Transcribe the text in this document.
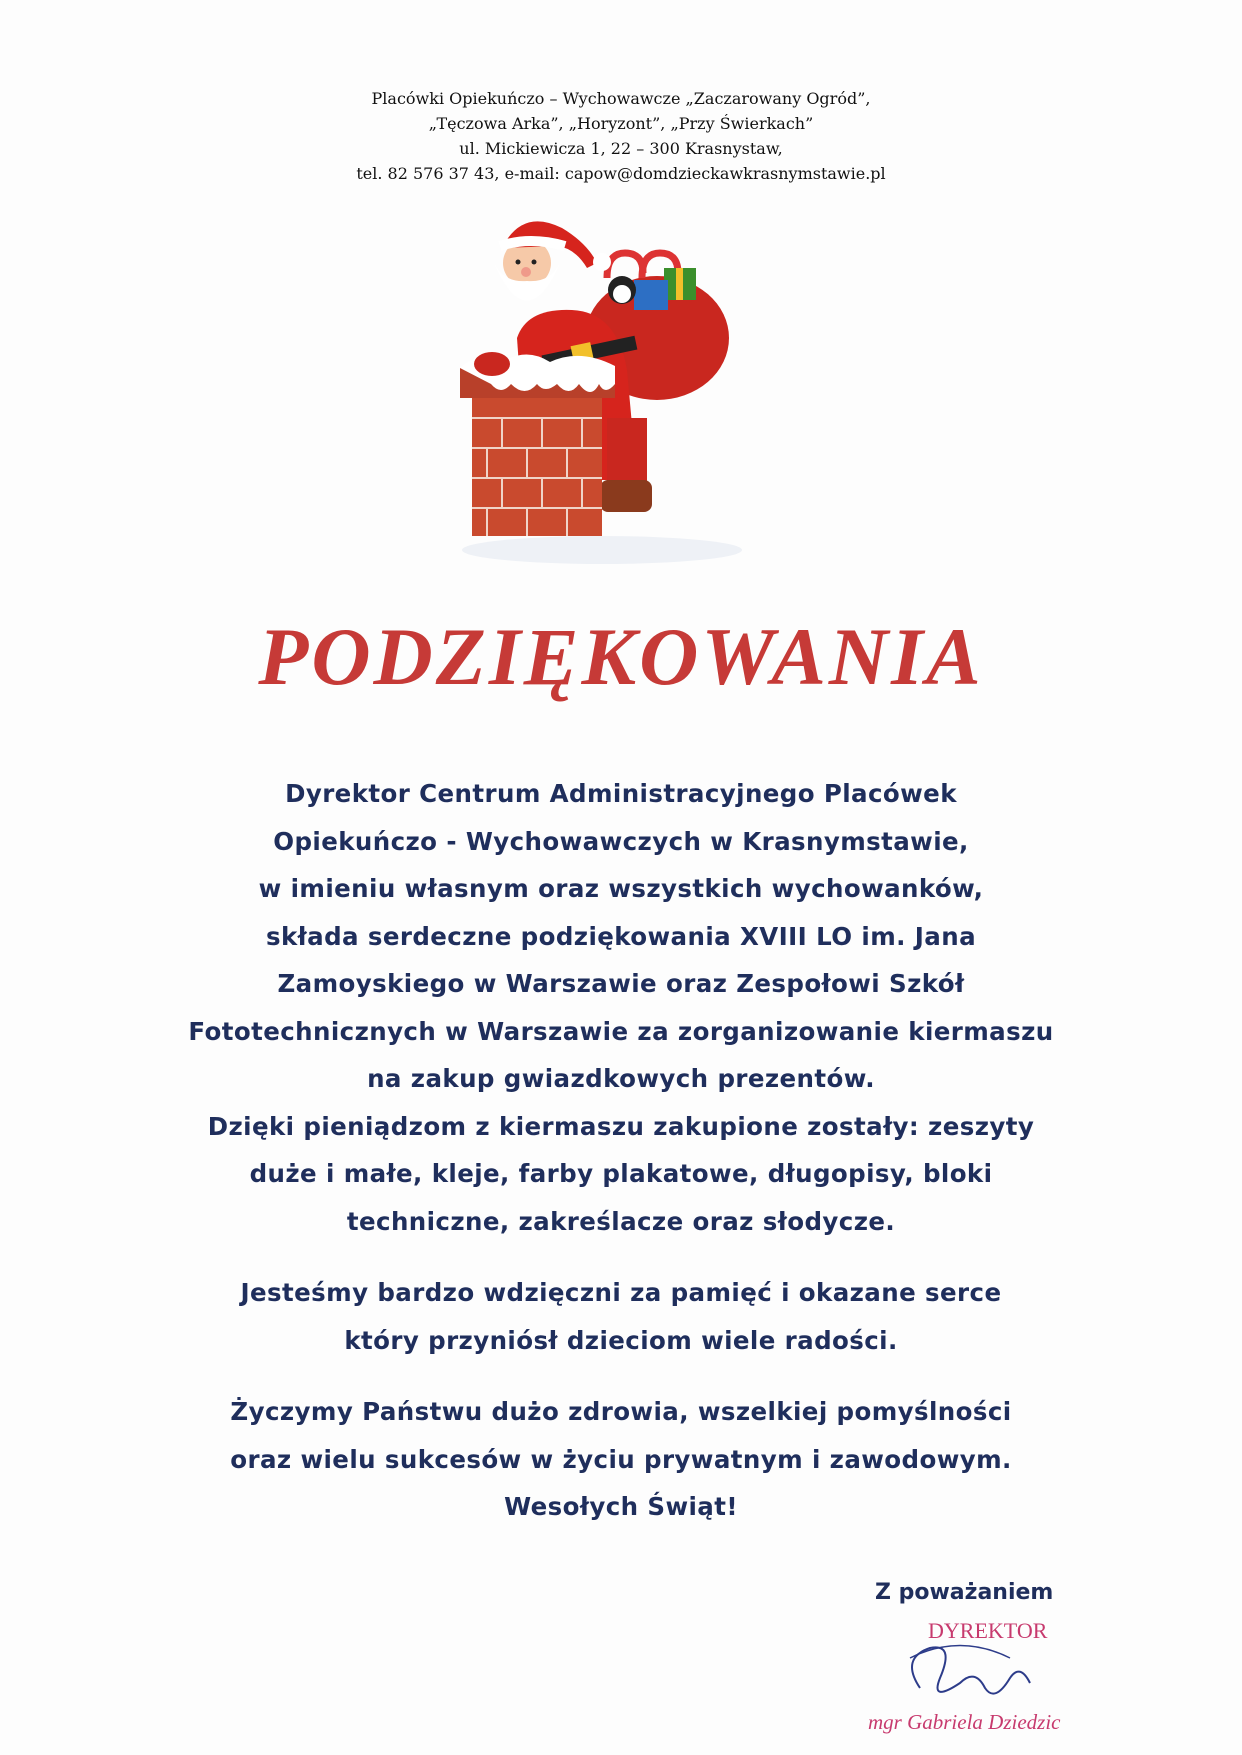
Placówki Opiekuńczo – Wychowawcze „Zaczarowany Ogród”,
„Tęczowa Arka”, „Horyzont”, „Przy Świerkach”
ul. Mickiewicza 1, 22 – 300 Krasnystaw,
tel. 82 576 37 43, e-mail: capow@domdzieckawkrasnymstawie.pl
PODZIĘKOWANIA
Dyrektor Centrum Administracyjnego Placówek
Opiekuńczo - Wychowawczych w Krasnymstawie,
w imieniu własnym oraz wszystkich wychowanków,
składa serdeczne podziękowania XVIII LO im. Jana
Zamoyskiego w Warszawie oraz Zespołowi Szkół
Fototechnicznych w Warszawie za zorganizowanie kiermaszu
na zakup gwiazdkowych prezentów.
Dzięki pieniądzom z kiermaszu zakupione zostały: zeszyty
duże i małe, kleje, farby plakatowe, długopisy, bloki
techniczne, zakreślacze oraz słodycze.
Jesteśmy bardzo wdzięczni za pamięć i okazane serce
który przyniósł dzieciom wiele radości.
Życzymy Państwu dużo zdrowia, wszelkiej pomyślności
oraz wielu sukcesów w życiu prywatnym i zawodowym.
Wesołych Świąt!
Z poważaniem
DYREKTOR
mgr Gabriela Dziedzic
